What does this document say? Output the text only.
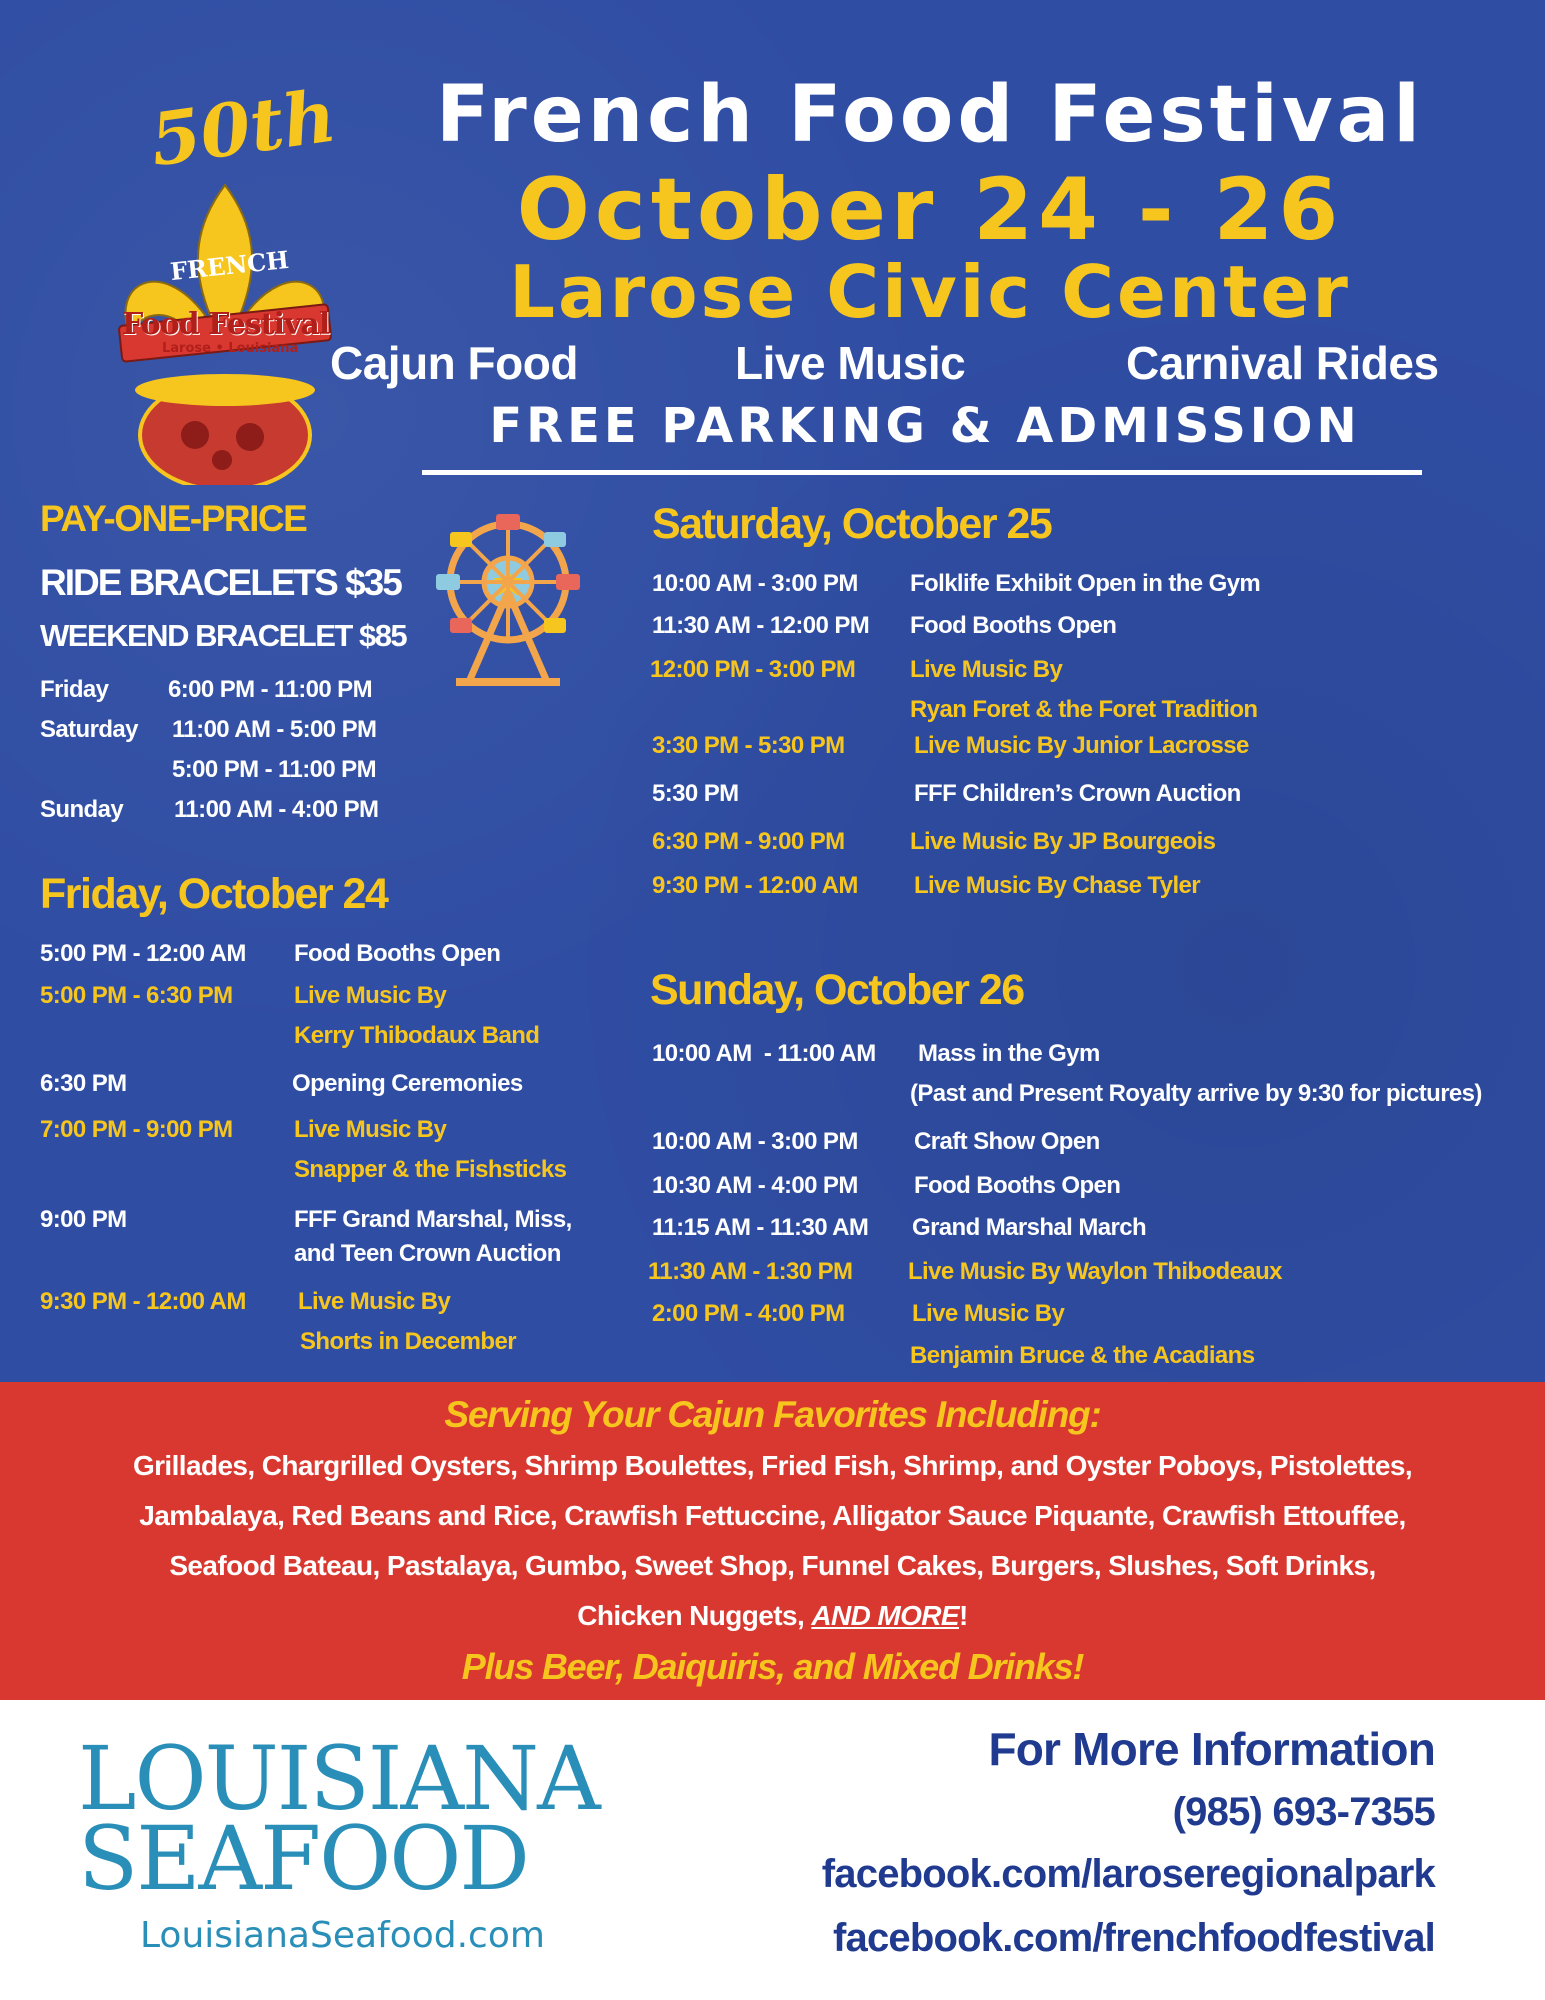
50th
FRENCH
Food Festival
Larose • Louisiana
French Food Festival
October 24 - 26
Larose Civic Center
Cajun Food	Live Music	Carnival Rides
FREE PARKING & ADMISSION
PAY-ONE-PRICE
RIDE BRACELETS $35
WEEKEND BRACELET $85
Friday 6:00 PM - 11:00 PM
Saturday 11:00 AM - 5:00 PM
5:00 PM - 11:00 PM
Sunday 11:00 AM - 4:00 PM
Friday, October 24
5:00 PM - 12:00 AM Food Booths Open
5:00 PM - 6:30 PM	Live Music By
Kerry Thibodaux Band
6:30 PM	Opening Ceremonies
7:00 PM - 9:00 PM	Live Music By
Snapper & the Fishsticks
9:00 PM	FFF Grand Marshal, Miss,
and Teen Crown Auction
9:30 PM - 12:00 AM Live Music By
Shorts in December
Saturday, October 25
10:00 AM - 3:00 PM Folklife Exhibit Open in the Gym
11:30 AM - 12:00 PM Food Booths Open
12:00 PM - 3:00 PM Live Music By
Ryan Foret & the Foret Tradition
3:30 PM - 5:30 PM	Live Music By Junior Lacrosse
5:30 PM	FFF Children’s Crown Auction
6:30 PM - 9:00 PM	Live Music By JP Bourgeois
9:30 PM - 12:00 AM Live Music By Chase Tyler
Sunday, October 26
10:00 AM  - 11:00 AM Mass in the Gym
(Past and Present Royalty arrive by 9:30 for pictures)
10:00 AM - 3:00 PM Craft Show Open
10:30 AM - 4:00 PM Food Booths Open
11:15 AM - 11:30 AM Grand Marshal March
11:30 AM - 1:30 PM Live Music By Waylon Thibodeaux
2:00 PM - 4:00 PM	Live Music By
Benjamin Bruce & the Acadians
Serving Your Cajun Favorites Including:
Grillades, Chargrilled Oysters, Shrimp Boulettes, Fried Fish, Shrimp, and Oyster Poboys, Pistolettes,
Jambalaya, Red Beans and Rice, Crawfish Fettuccine, Alligator Sauce Piquante, Crawfish Ettouffee,
Seafood Bateau, Pastalaya, Gumbo, Sweet Shop, Funnel Cakes, Burgers, Slushes, Soft Drinks,
Chicken Nuggets, AND MORE!
Plus Beer, Daiquiris, and Mixed Drinks!
LOUISIANA
SEAFOOD
LouisianaSeafood.com
For More Information
(985) 693-7355
facebook.com/laroseregionalpark
facebook.com/frenchfoodfestival
